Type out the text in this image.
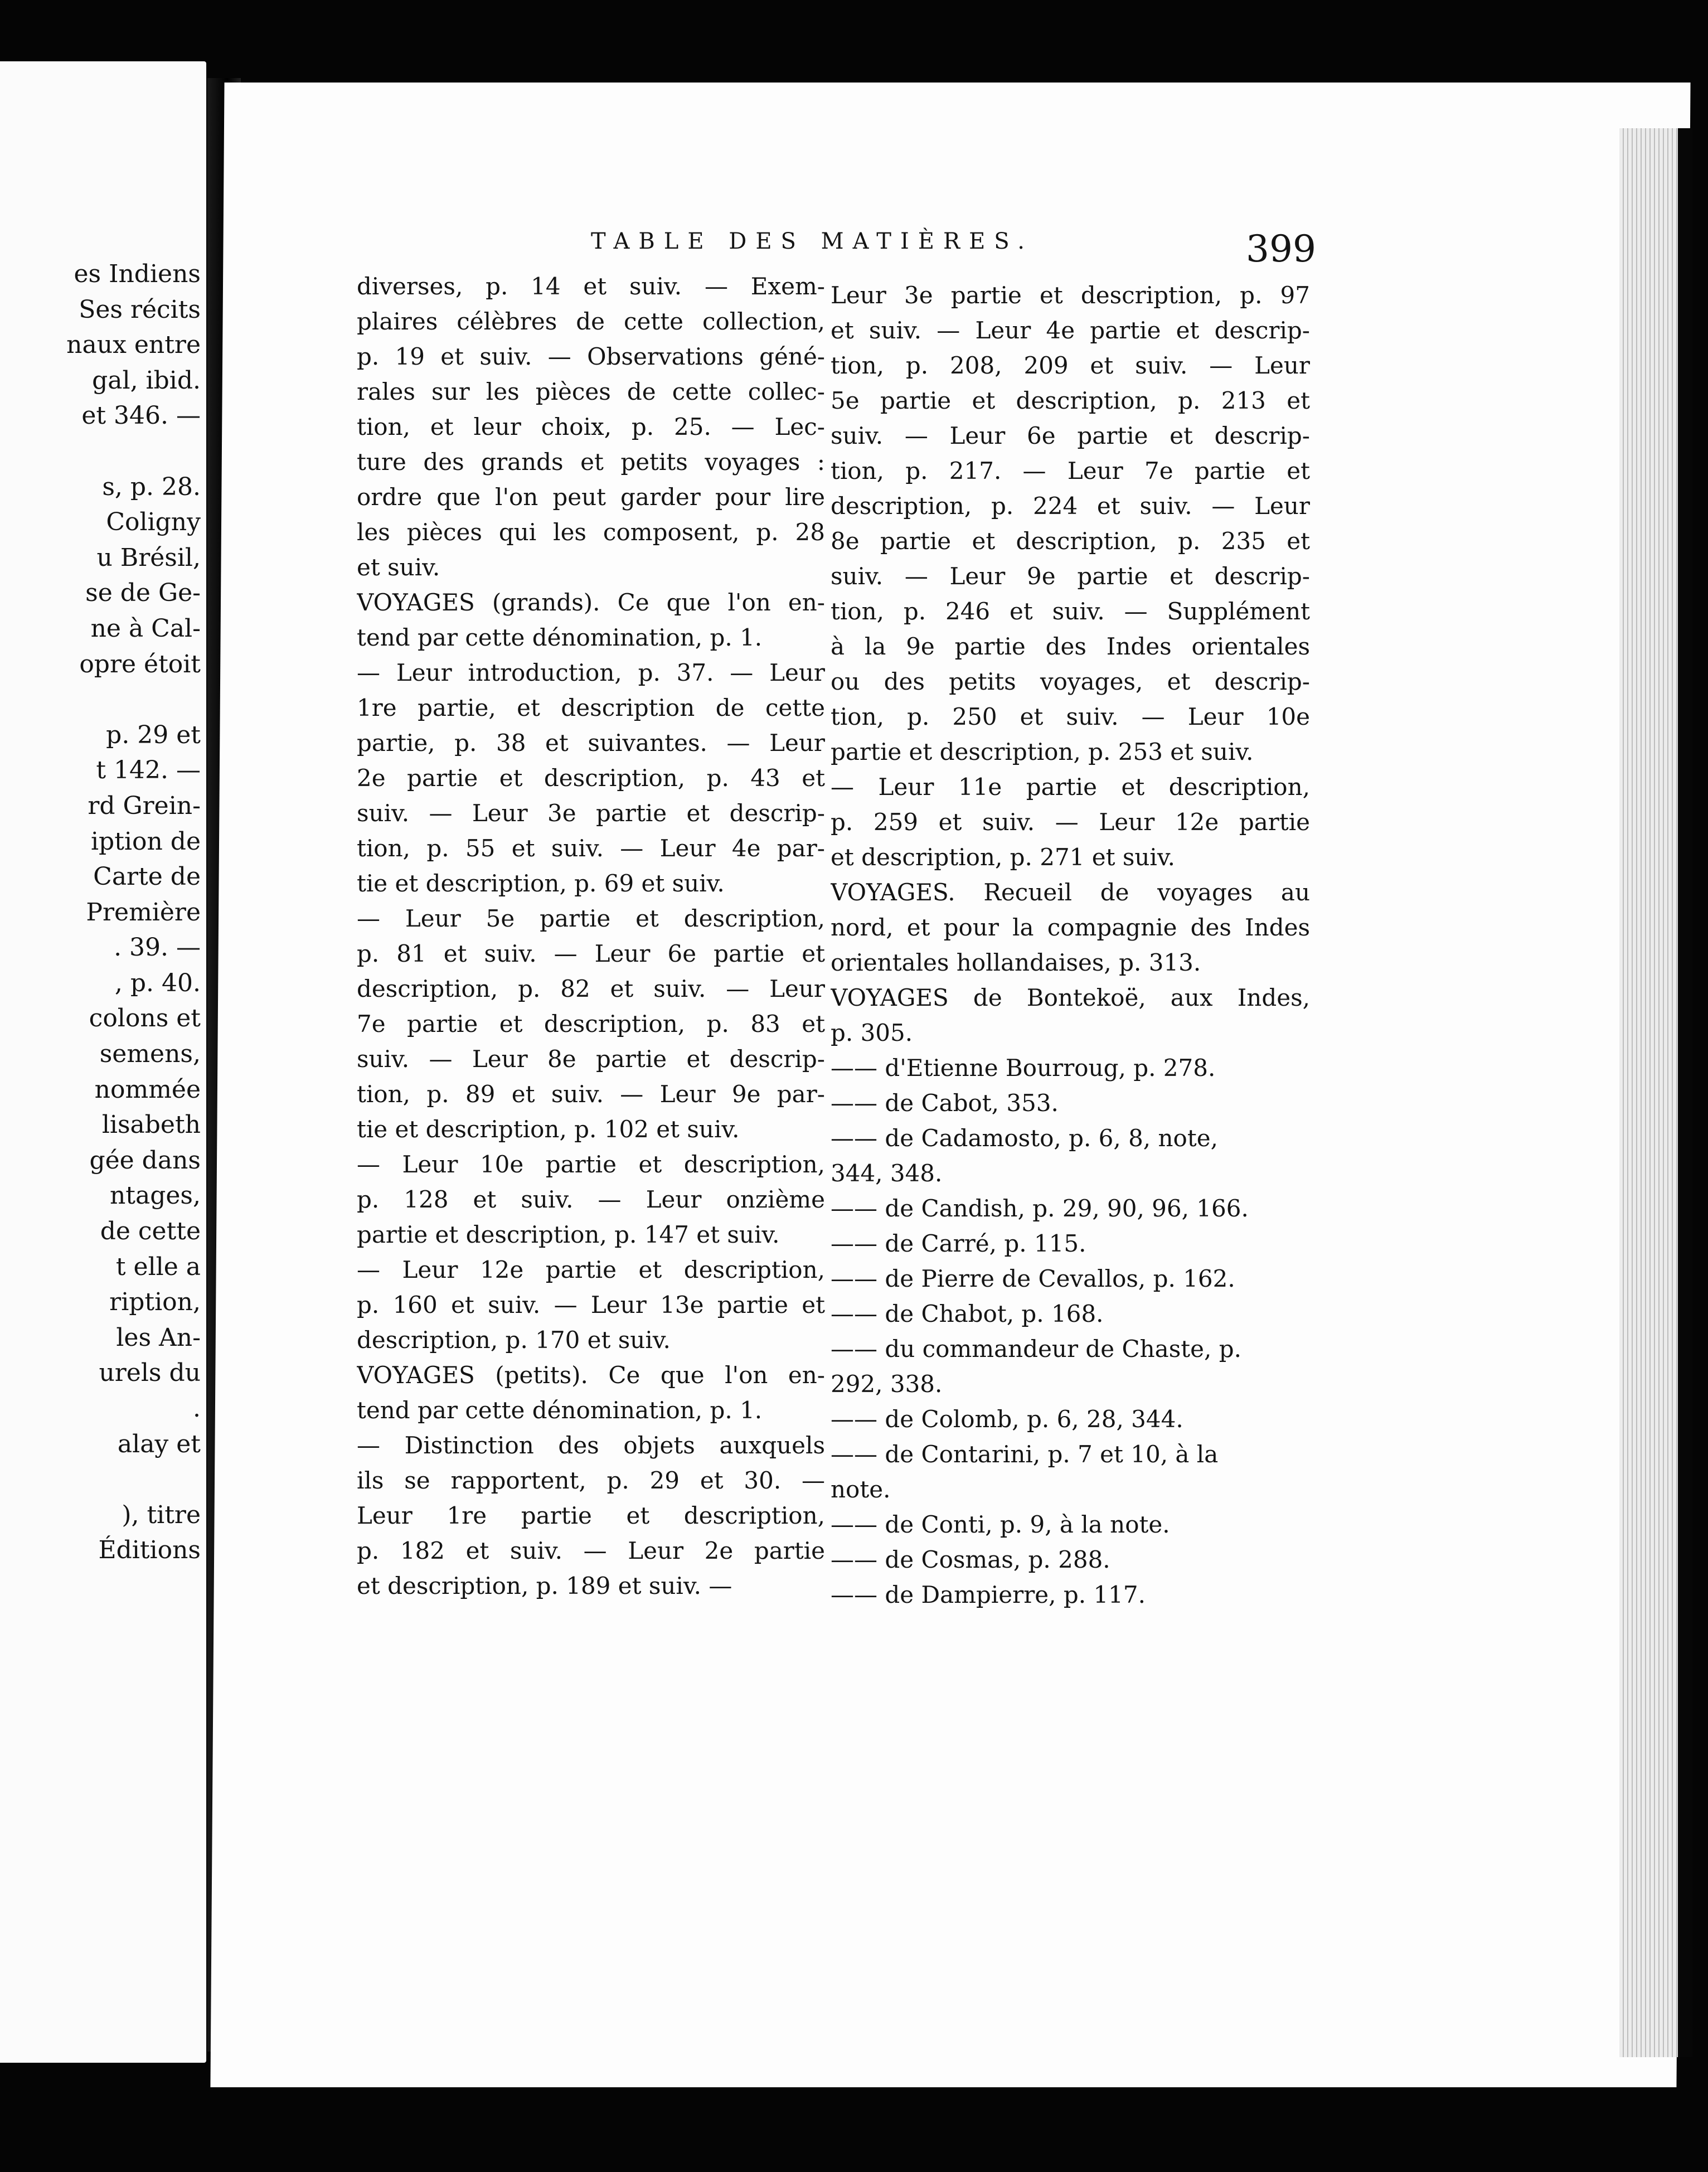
es Indiens
Ses récits
naux entre
gal, ibid.
et 346. —
s, p. 28.
Coligny
u Brésil,
se de Ge-
ne à Cal-
opre étoit
p. 29 et
t 142. —
rd Grein-
iption de
Carte de
Première
. 39. —
, p. 40.
colons et
semens,
nommée
lisabeth
gée dans
ntages,
de cette
t elle a
ription,
les An-
urels du
.
alay et
), titre
Éditions
TABLE DES MATIÈRES.	399
diverses, p. 14 et suiv. — Exem-
plaires célèbres de cette collection,
p. 19 et suiv. — Observations géné-
rales sur les pièces de cette collec-
tion, et leur choix, p. 25. — Lec-
ture des grands et petits voyages :
ordre que l'on peut garder pour lire
les pièces qui les composent, p. 28
et suiv.
VOYAGES (grands). Ce que l'on en-
tend par cette dénomination, p. 1.
— Leur introduction, p. 37. — Leur
1re partie, et description de cette
partie, p. 38 et suivantes. — Leur
2e partie et description, p. 43 et
suiv. — Leur 3e partie et descrip-
tion, p. 55 et suiv. — Leur 4e par-
tie et description, p. 69 et suiv.
— Leur 5e partie et description,
p. 81 et suiv. — Leur 6e partie et
description, p. 82 et suiv. — Leur
7e partie et description, p. 83 et
suiv. — Leur 8e partie et descrip-
tion, p. 89 et suiv. — Leur 9e par-
tie et description, p. 102 et suiv.
— Leur 10e partie et description,
p. 128 et suiv. — Leur onzième
partie et description, p. 147 et suiv.
— Leur 12e partie et description,
p. 160 et suiv. — Leur 13e partie et
description, p. 170 et suiv.
VOYAGES (petits). Ce que l'on en-
tend par cette dénomination, p. 1.
— Distinction des objets auxquels
ils se rapportent, p. 29 et 30. —
Leur 1re partie et description,
p. 182 et suiv. — Leur 2e partie
et description, p. 189 et suiv. —
Leur 3e partie et description, p. 97
et suiv. — Leur 4e partie et descrip-
tion, p. 208, 209 et suiv. — Leur
5e partie et description, p. 213 et
suiv. — Leur 6e partie et descrip-
tion, p. 217. — Leur 7e partie et
description, p. 224 et suiv. — Leur
8e partie et description, p. 235 et
suiv. — Leur 9e partie et descrip-
tion, p. 246 et suiv. — Supplément
à la 9e partie des Indes orientales
ou des petits voyages, et descrip-
tion, p. 250 et suiv. — Leur 10e
partie et description, p. 253 et suiv.
— Leur 11e partie et description,
p. 259 et suiv. — Leur 12e partie
et description, p. 271 et suiv.
VOYAGES. Recueil de voyages au
nord, et pour la compagnie des Indes
orientales hollandaises, p. 313.
VOYAGES de Bontekoë, aux Indes,
p. 305.
—— d'Etienne Bourroug, p. 278.
—— de Cabot, 353.
—— de Cadamosto, p. 6, 8, note,
344, 348.
—— de Candish, p. 29, 90, 96, 166.
—— de Carré, p. 115.
—— de Pierre de Cevallos, p. 162.
—— de Chabot, p. 168.
—— du commandeur de Chaste, p.
292, 338.
—— de Colomb, p. 6, 28, 344.
—— de Contarini, p. 7 et 10, à la
note.
—— de Conti, p. 9, à la note.
—— de Cosmas, p. 288.
—— de Dampierre, p. 117.
